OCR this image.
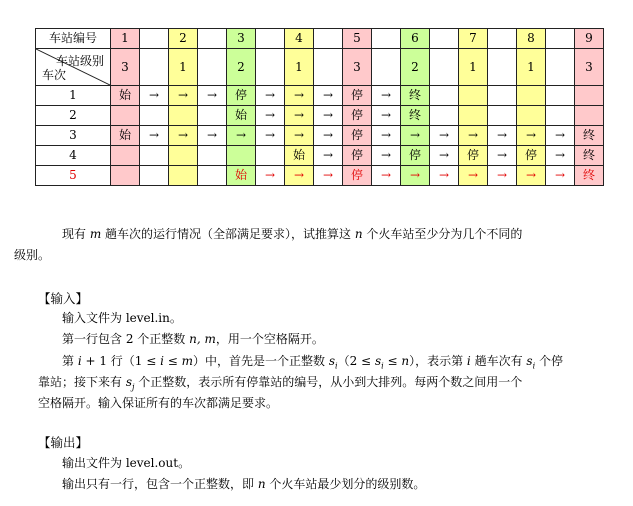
车站编号	1		2		3		4		5		6		7		8		9

车站级别
车次	3		1		2		1		3		2		1		1		3
1	始	→	→	→	停	→	→	→	停	→	终						
2					始	→	→	→	停	→	终						
3	始	→	→	→	→	→	→	→	停	→	→	→	→	→	→	→	终
4							始	→	停	→	停	→	停	→	停	→	终
5					始	→	→	→	停	→	→	→	→	→	→	→	终
现有 m 趟车次的运行情况（全部满足要求），试推算这 n 个火车站至少分为几个不同的
级别。
【输入】
输入文件为 level.in。
第一行包含 2 个正整数 n, m，用一个空格隔开。
第 i + 1 行（1 ≤ i ≤ m）中，首先是一个正整数 $s_i(2 \le s_i \le n)$，表示第 i 趟车次有 $s_i$ 个停
靠站；接下来有 $s_j$ 个正整数，表示所有停靠站的编号，从小到大排列。每两个数之间用一个
空格隔开。输入保证所有的车次都满足要求。
【输出】
输出文件为 level.out。
输出只有一行，包含一个正整数，即 n 个火车站最少划分的级别数。
